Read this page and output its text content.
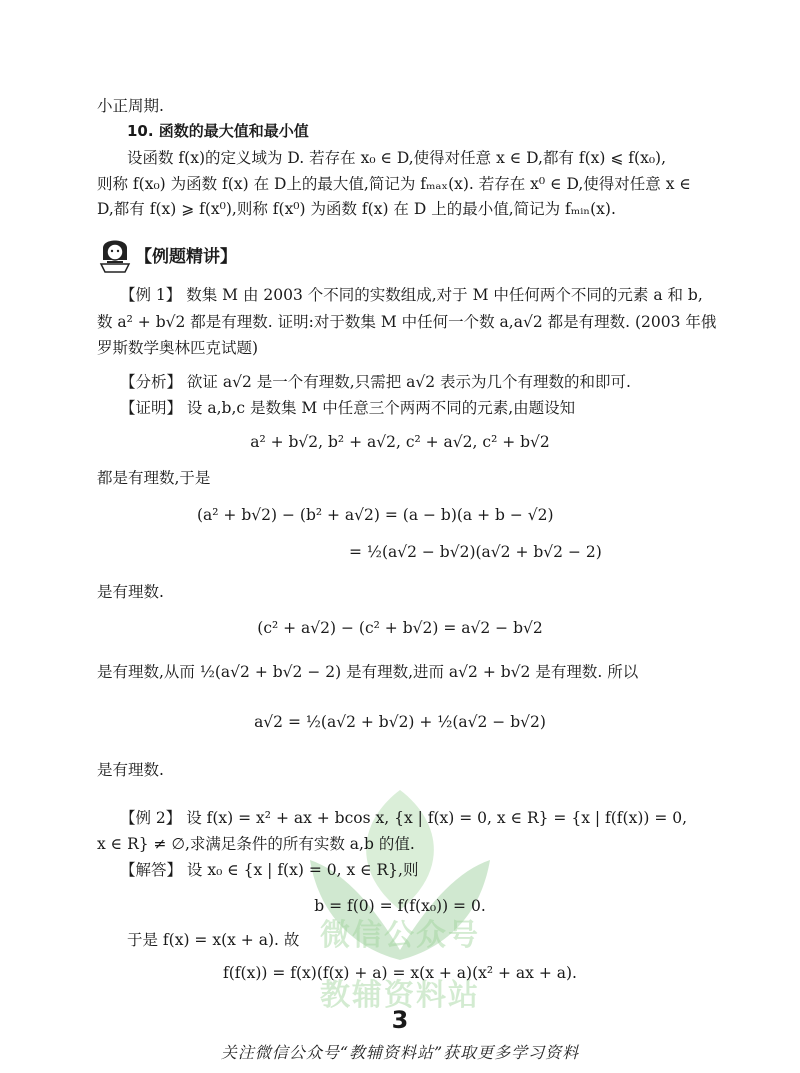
微信公众号
教辅资料站
小正周期.
10. 函数的最大值和最小值
设函数 f(x)的定义域为 D. 若存在 x₀ ∈ D,使得对任意 x ∈ D,都有 f(x) ⩽ f(x₀),
则称 f(x₀) 为函数 f(x) 在 D上的最大值,简记为 fₘₐₓ(x). 若存在 x⁰ ∈ D,使得对任意 x ∈
D,都有 f(x) ⩾ f(x⁰),则称 f(x⁰) 为函数 f(x) 在 D 上的最小值,简记为 fₘᵢₙ(x).
【例题精讲】
【例 1】 数集 M 由 2003 个不同的实数组成,对于 M 中任何两个不同的元素 a 和 b,
数 a² + b√2 都是有理数. 证明:对于数集 M 中任何一个数 a,a√2 都是有理数. (2003 年俄
罗斯数学奥林匹克试题)
【分析】 欲证 a√2 是一个有理数,只需把 a√2 表示为几个有理数的和即可.
【证明】 设 a,b,c 是数集 M 中任意三个两两不同的元素,由题设知
a² + b√2, b² + a√2, c² + a√2, c² + b√2
都是有理数,于是
(a² + b√2) − (b² + a√2) = (a − b)(a + b − √2)
= ½(a√2 − b√2)(a√2 + b√2 − 2)
是有理数.
(c² + a√2) − (c² + b√2) = a√2 − b√2
是有理数,从而 ½(a√2 + b√2 − 2) 是有理数,进而 a√2 + b√2 是有理数. 所以
a√2 = ½(a√2 + b√2) + ½(a√2 − b√2)
是有理数.
【例 2】 设 f(x) = x² + ax + bcos x, {x | f(x) = 0, x ∈ R} = {x | f(f(x)) = 0,
x ∈ R} ≠ ∅,求满足条件的所有实数 a,b 的值.
【解答】 设 x₀ ∈ {x | f(x) = 0, x ∈ R},则
b = f(0) = f(f(x₀)) = 0.
于是 f(x) = x(x + a). 故
f(f(x)) = f(x)(f(x) + a) = x(x + a)(x² + ax + a).
3
关注微信公众号“教辅资料站”获取更多学习资料
